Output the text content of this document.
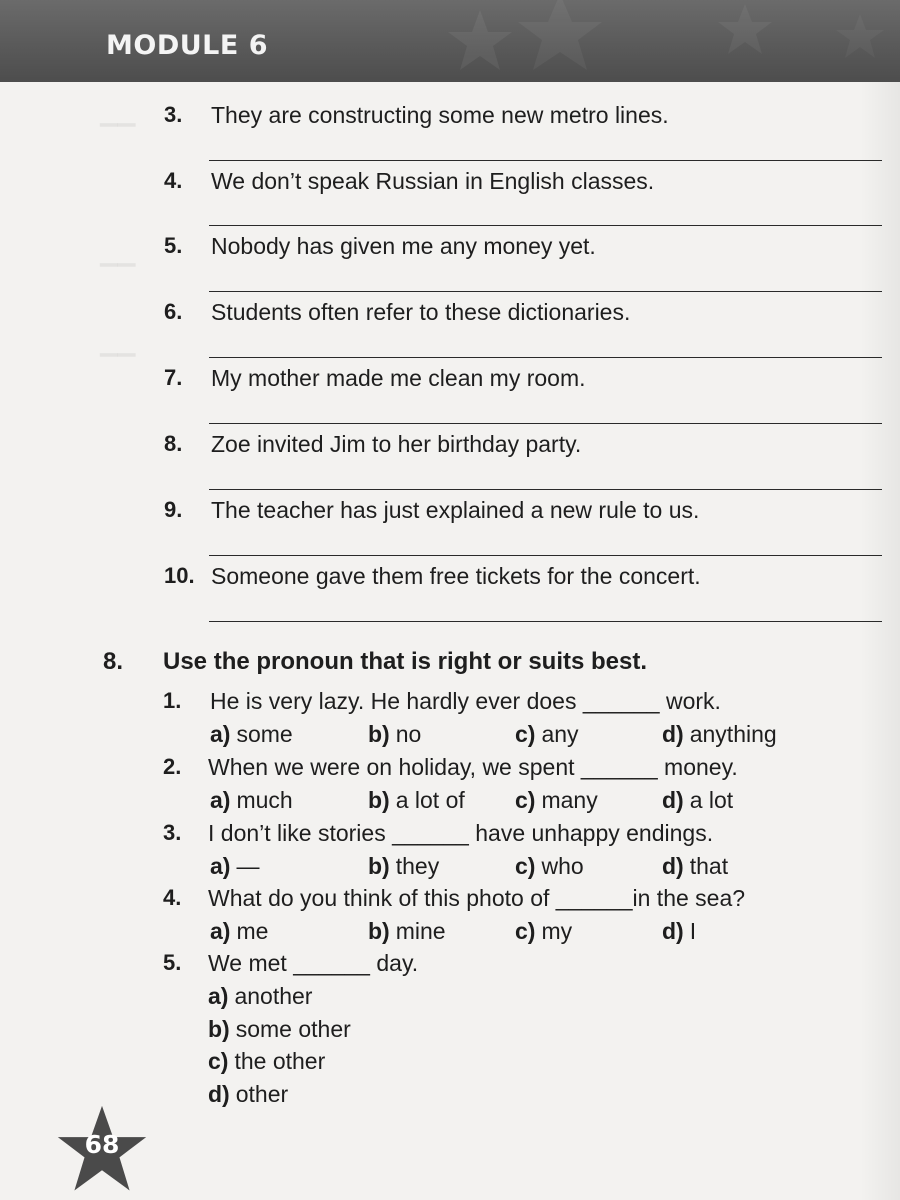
MODULE 6
▁▁
▁▁
▁▁
3.	They are constructing some new metro lines.
4.	We don’t speak Russian in English classes.
5.	Nobody has given me any money yet.
6.	Students often refer to these dictionaries.
7.	My mother made me clean my room.
8.	Zoe invited Jim to her birthday party.
9.	The teacher has just explained a new rule to us.
10. Someone gave them free tickets for the concert.
8. Use the pronoun that is right or suits best.
1. He is very lazy. He hardly ever does ______ work.
a) some	b) no	c) any	d) anything
2. When we were on holiday, we spent ______ money.
a) much	b) a lot of c) many	d) a lot
3. I don’t like stories ______ have unhappy endings.
a) —	b) they	c) who	d) that
4. What do you think of this photo of ______in the sea?
a) me	b) mine	c) my	d) I
5. We met ______ day.
a) another
b) some other
c) the other
d) other
68
